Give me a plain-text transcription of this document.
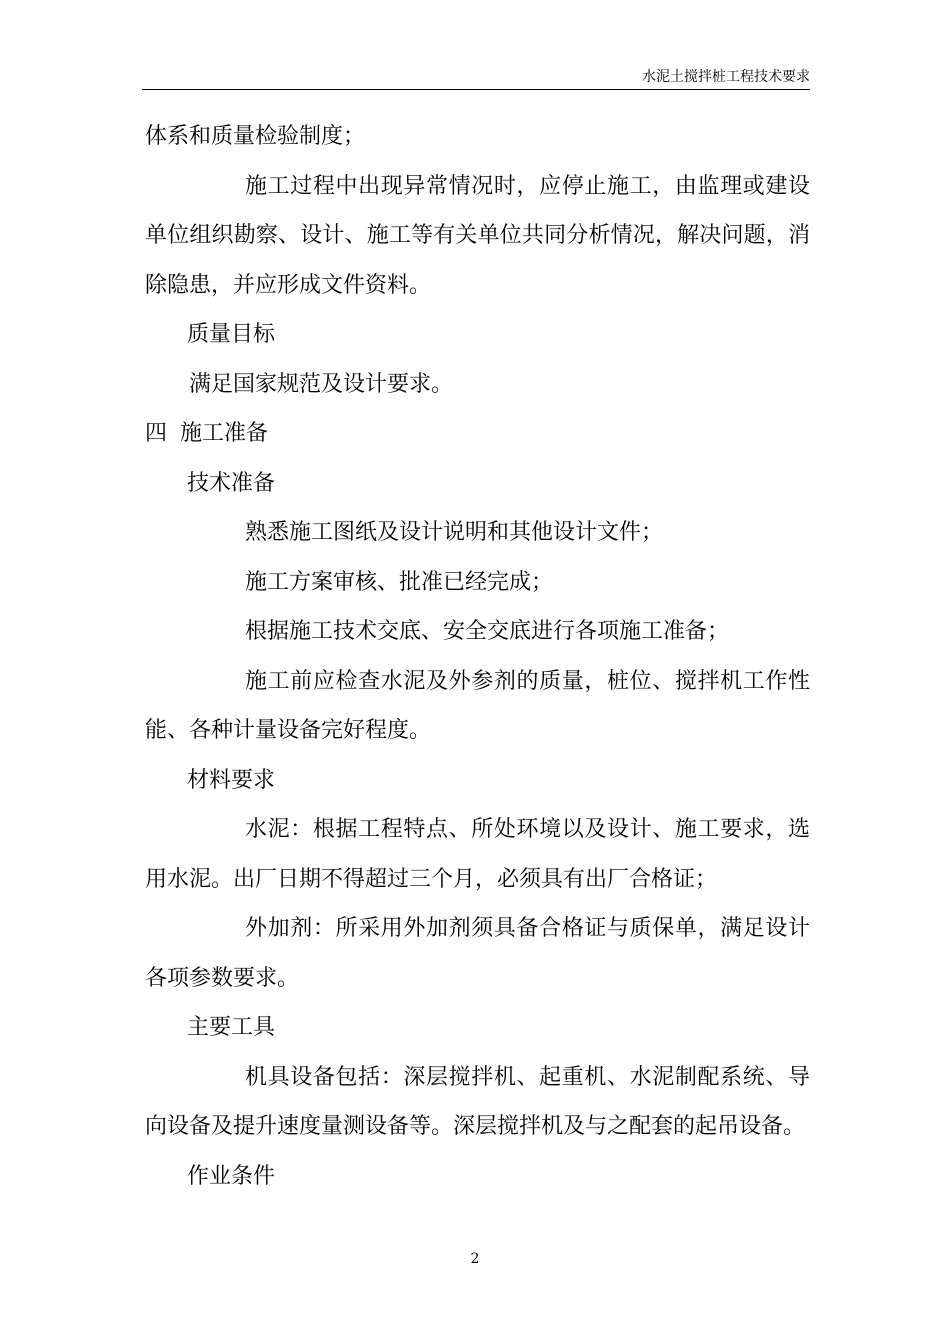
水泥土搅拌桩工程技术要求
体系和质量检验制度；
施工过程中出现异常情况时，应停止施工，由监理或建设
单位组织勘察、设计、施工等有关单位共同分析情况，解决问题，消
除隐患，并应形成文件资料。
质量目标
满足国家规范及设计要求。
四 施工准备
技术准备
熟悉施工图纸及设计说明和其他设计文件；
施工方案审核、批准已经完成；
根据施工技术交底、安全交底进行各项施工准备；
施工前应检查水泥及外参剂的质量，桩位、搅拌机工作性
能、各种计量设备完好程度。
材料要求
水泥：根据工程特点、所处环境以及设计、施工要求，选
用水泥。出厂日期不得超过三个月，必须具有出厂合格证；
外加剂：所采用外加剂须具备合格证与质保单，满足设计
各项参数要求。
主要工具
机具设备包括：深层搅拌机、起重机、水泥制配系统、导
向设备及提升速度量测设备等。深层搅拌机及与之配套的起吊设备。
作业条件
2
